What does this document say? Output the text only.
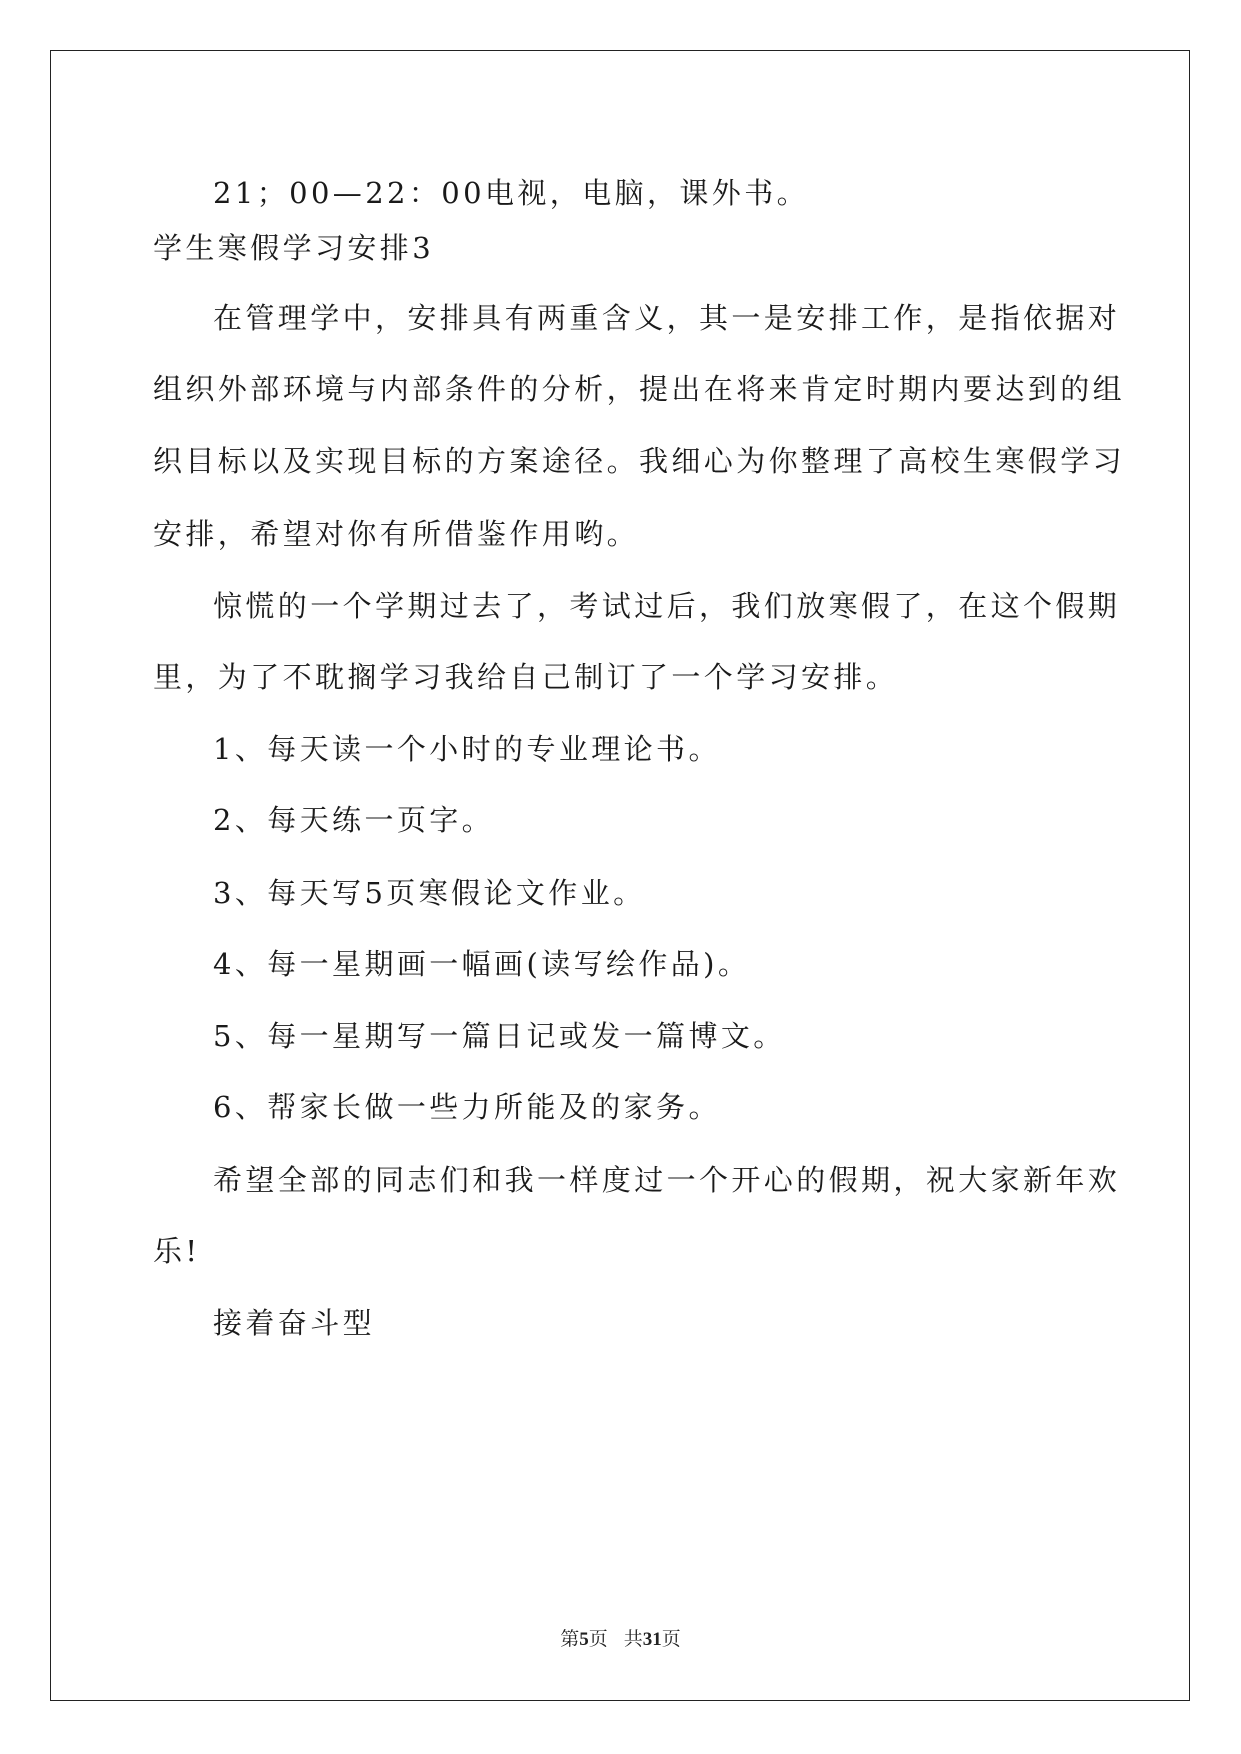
21；00—22：00电视，电脑，课外书。
学生寒假学习安排3
在管理学中，安排具有两重含义，其一是安排工作，是指依据对
组织外部环境与内部条件的分析，提出在将来肯定时期内要达到的组
织目标以及实现目标的方案途径。我细心为你整理了高校生寒假学习
安排，希望对你有所借鉴作用哟。
惊慌的一个学期过去了，考试过后，我们放寒假了，在这个假期
里，为了不耽搁学习我给自己制订了一个学习安排。
1、每天读一个小时的专业理论书。
2、每天练一页字。
3、每天写5页寒假论文作业。
4、每一星期画一幅画(读写绘作品)。
5、每一星期写一篇日记或发一篇博文。
6、帮家长做一些力所能及的家务。
希望全部的同志们和我一样度过一个开心的假期，祝大家新年欢
乐!
接着奋斗型
第5页 共31页
